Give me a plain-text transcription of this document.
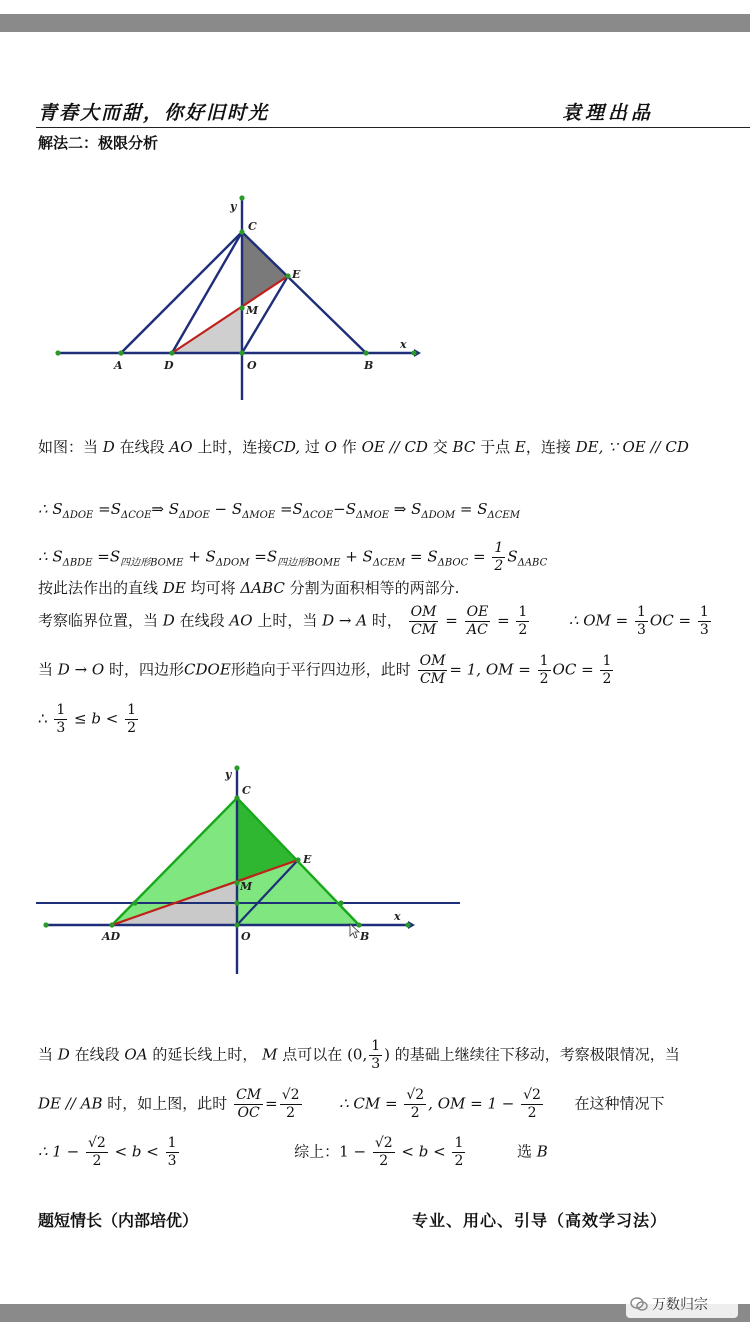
青春大而甜，你好旧时光	袁理出品
解法二：极限分析
y
x
A	D	O	B
C
M
E
如图：当 D 在线段 AO 上时，连接CD, 过 O 作 OE // CD 交 BC 于点 E，连接 DE, ∵ OE // CD
∴ $S_{\Delta DOE}$ $=S_{\Delta COE}\Rightarrow$ $S_{\Delta DOE} - S_{\Delta MOE} =S_{\Delta COE}-S_{\Delta MOE}$ ⇒ $S_{\Delta DOM} = S_{\Delta CEM}$
∴ $S_{\Delta BDE} =S_{四边形BOME} + S_{\Delta DOM} =S_{四边形BOME} + S_{\Delta CEM} = S_{\Delta BOC} = \frac{1}{2} S_{\Delta ABC}$
按此法作出的直线 DE 均可将 ΔABC 分割为面积相等的两部分.
考察临界位置，当 D 在线段 AO 上时，当 D → A 时， $\frac{OM}{CM} = \frac{OE}{AC} = \frac{1}{2}$	∴ OM = $\frac{1}{3}$ OC = $\frac{1}{3}$
当 D → O 时，四边形CDOE形趋向于平行四边形，此时 $\frac{OM}{CM} = 1$, OM = $\frac{1}{2}$ OC = $\frac{1}{2}$
∴ $\frac{1}{3} \le b < \frac{1}{2}$
y
x
AD	O	B
C
M
E
当 D 在线段 OA 的延长线上时， M 点可以在 (0, $\frac{1}{3}$ ) 的基础上继续往下移动，考察极限情况，当
DE // AB 时，如上图，此时 $\frac{CM}{OC} = \frac{√2}{2}$	∴ CM = $\frac{√2}{2}$ , OM = $1 - \frac{√2}{2}$ 在这种情况下
∴ $1 - \frac{√2}{2} < b < \frac{1}{3}$	综上：$1 - \frac{√2}{2} < b < \frac{1}{2}$	选 B
题短情长（内部培优）	专业、用心、引导（高效学习法）
万数归宗
